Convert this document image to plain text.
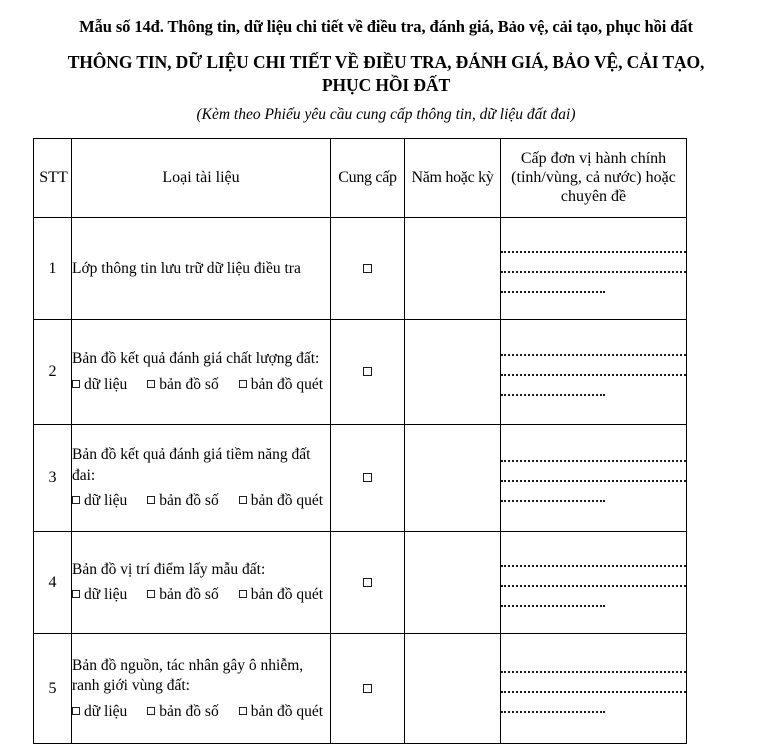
Mẫu số 14đ. Thông tin, dữ liệu chi tiết về điều tra, đánh giá, Bảo vệ, cải tạo, phục hồi đất

THÔNG TIN, DỮ LIỆU CHI TIẾT VỀ ĐIỀU TRA, ĐÁNH GIÁ, BẢO VỆ, CẢI TẠO, PHỤC HỒI ĐẤT

(Kèm theo Phiếu yêu cầu cung cấp thông tin, dữ liệu đất đai)

STT	Loại tài liệu	Cung cấp	Năm hoặc kỳ	Cấp đơn vị hành chính (tỉnh/vùng, cả nước) hoặc chuyên đề
1	Lớp thông tin lưu trữ dữ liệu điều tra			

2	Bản đồ kết quả đánh giá chất lượng đất:
dữ liệu bản đồ số bản đồ quét			

3	Bản đồ kết quả đánh giá tiềm năng đất đai:
dữ liệu bản đồ số bản đồ quét			

4	Bản đồ vị trí điểm lấy mẫu đất:
dữ liệu bản đồ số bản đồ quét			

5	Bản đồ nguồn, tác nhân gây ô nhiễm, ranh giới vùng đất:
dữ liệu bản đồ số bản đồ quét			
